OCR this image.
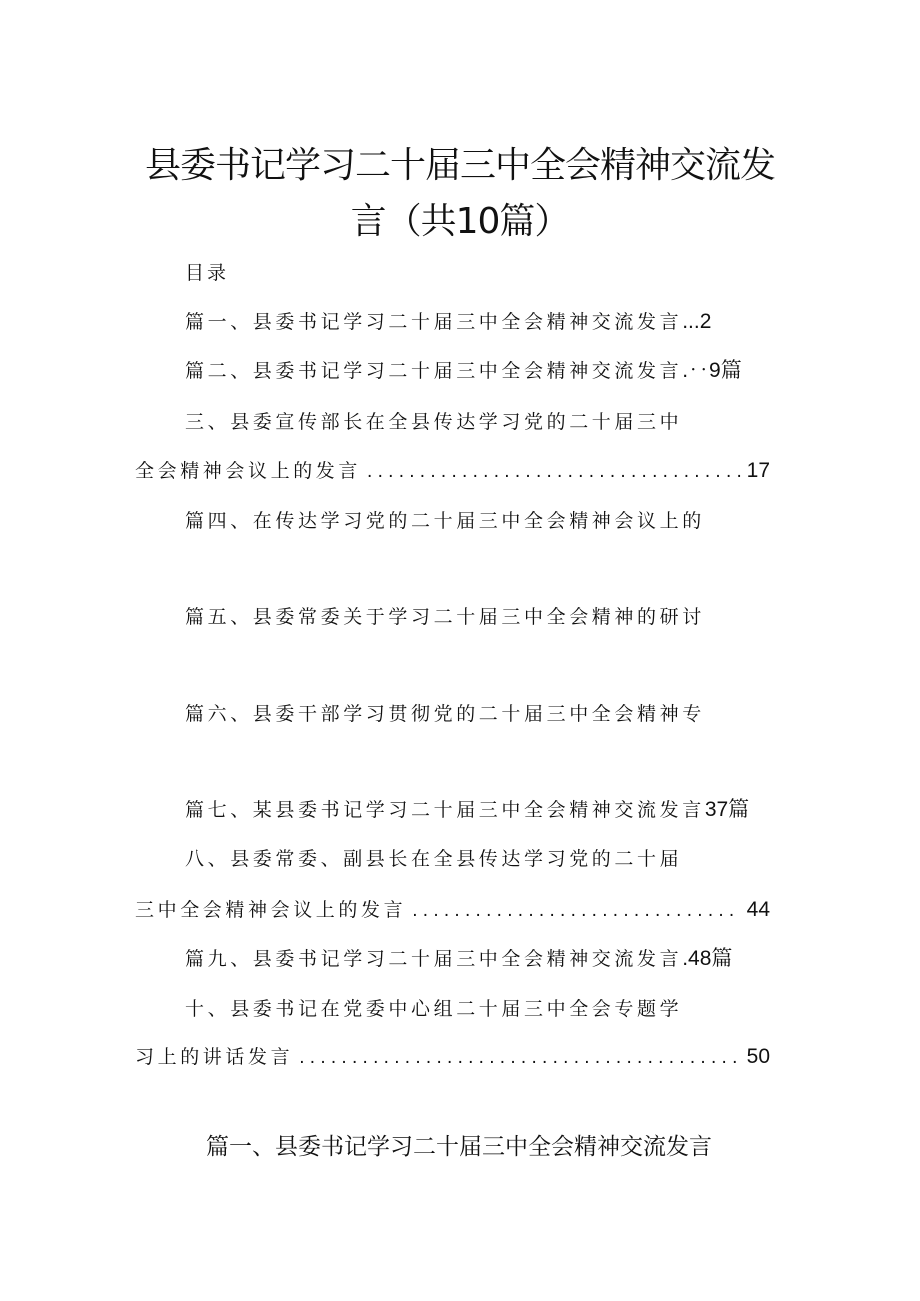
县委书记学习二十届三中全会精神交流发
言（共10篇）
目录
篇一、县委书记学习二十届三中全会精神交流发言...2
篇二、县委书记学习二十届三中全会精神交流发言.‥9篇
三、县委宣传部长在全县传达学习党的二十届三中
全会精神会议上的发言 . . .	17
篇四、在传达学习党的二十届三中全会精神会议上的
篇五、县委常委关于学习二十届三中全会精神的研讨
篇六、县委干部学习贯彻党的二十届三中全会精神专
篇七、某县委书记学习二十届三中全会精神交流发言37篇
八、县委常委、副县长在全县传达学习党的二十届
三中全会精神会议上的发言 . . .	44
篇九、县委书记学习二十届三中全会精神交流发言.48篇
十、县委书记在党委中心组二十届三中全会专题学
习上的讲话发言 . . .	50
篇一、县委书记学习二十届三中全会精神交流发言
